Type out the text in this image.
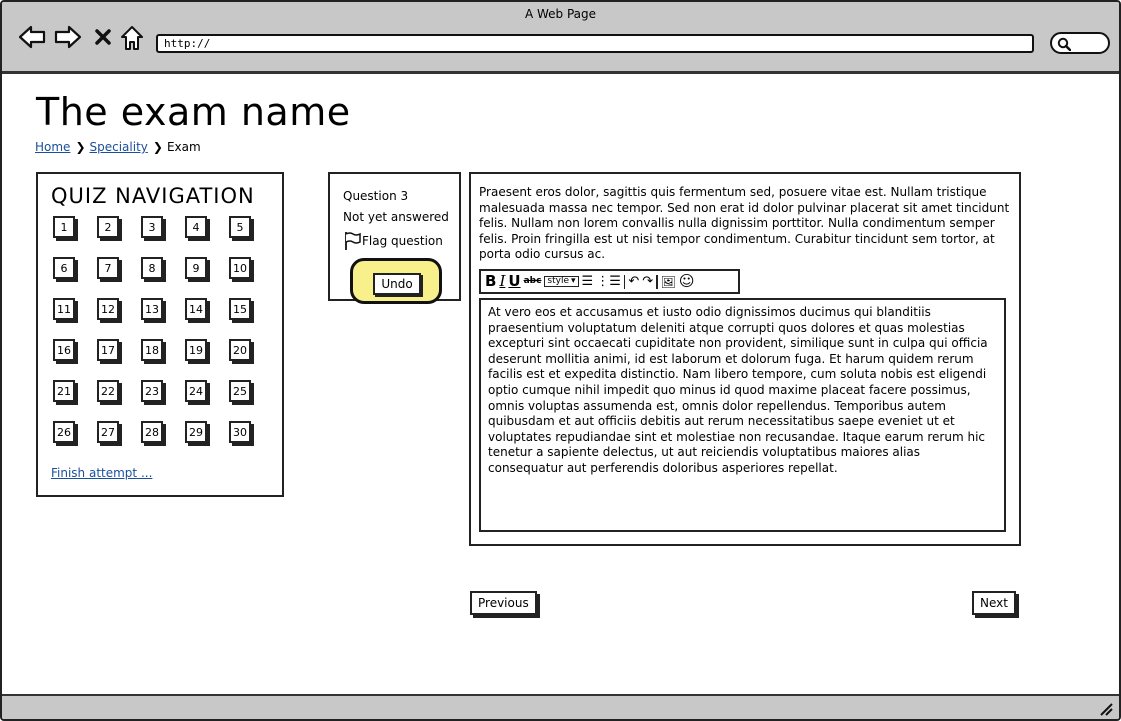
A Web Page
http://
The exam name
Home ❯ Speciality ❯ Exam
QUIZ NAVIGATION
1	2	3	4	5
6	7	8	9	10
11	12	13	14	15
16	17	18	19	20
21	22	23	24	25
26	27	28	29	30
Finish attempt ...
Question 3
Not yet answered
Flag question
Undo
Praesent eros dolor, sagittis quis fermentum sed, posuere vitae est. Nullam tristique malesuada massa nec tempor. Sed non erat id dolor pulvinar placerat sit amet tincidunt felis. Nullam non lorem convallis nulla dignissim porttitor. Nulla condimentum semper felis. Proin fringilla est ut nisi tempor condimentum. Curabitur tincidunt sem tortor, at porta odio cursus ac.
B I U abc style ▾ ☰ ⋮☰ ↶ ↷ 🖼 ☺
At vero eos et accusamus et iusto odio dignissimos ducimus qui blanditiis praesentium voluptatum deleniti atque corrupti quos dolores et quas molestias excepturi sint occaecati cupiditate non provident, similique sunt in culpa qui officia deserunt mollitia animi, id est laborum et dolorum fuga. Et harum quidem rerum facilis est et expedita distinctio. Nam libero tempore, cum soluta nobis est eligendi optio cumque nihil impedit quo minus id quod maxime placeat facere possimus, omnis voluptas assumenda est, omnis dolor repellendus. Temporibus autem quibusdam et aut officiis debitis aut rerum necessitatibus saepe eveniet ut et voluptates repudiandae sint et molestiae non recusandae. Itaque earum rerum hic tenetur a sapiente delectus, ut aut reiciendis voluptatibus maiores alias consequatur aut perferendis doloribus asperiores repellat.
Previous	Next
